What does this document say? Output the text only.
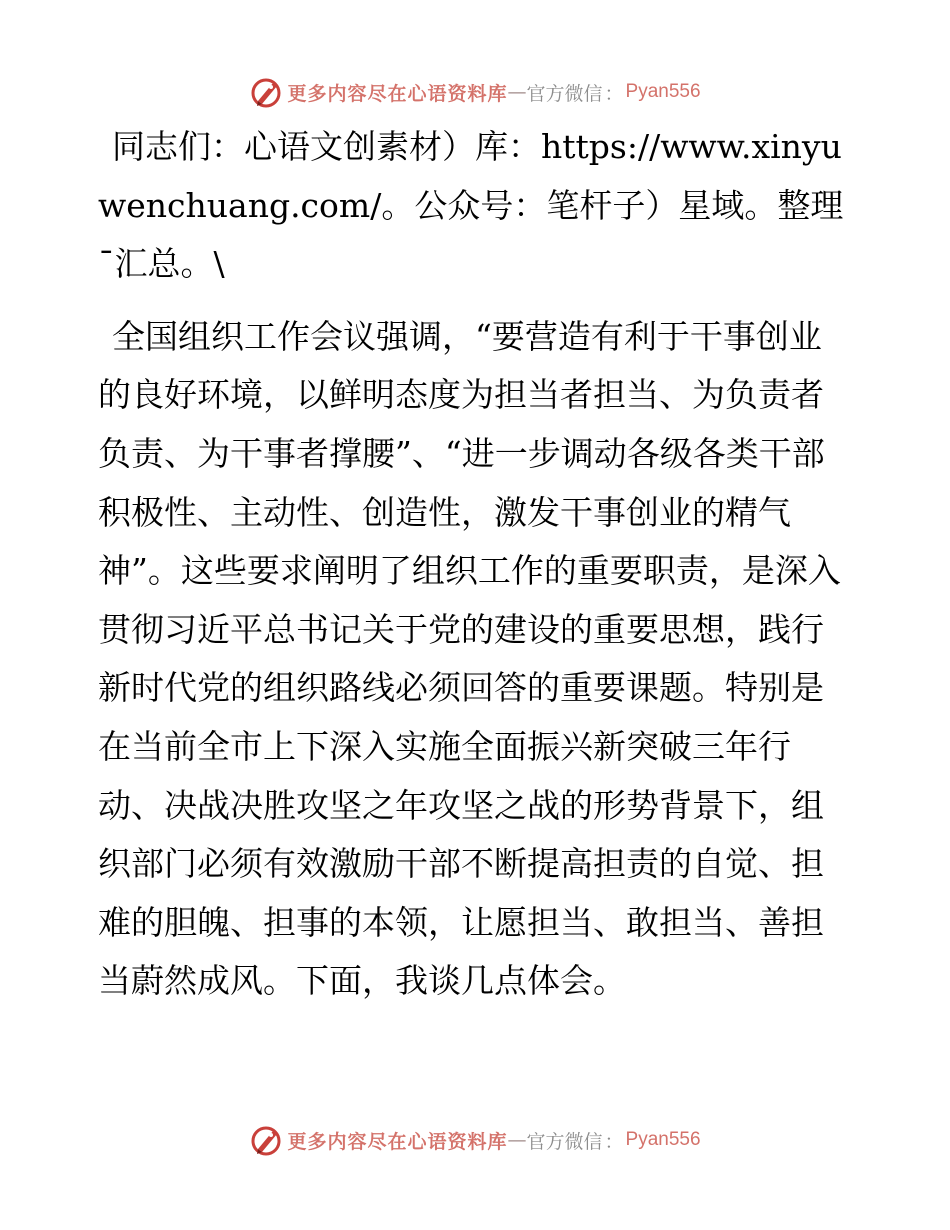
更多内容尽在心语资料库 — 官方微信 ： Pyan556

同志们：心语文创素材）库：https://www.xinyuwenchuang.com/。公众号：笔杆子）星域。整理¯汇总。\

全国组织工作会议强调，“要营造有利于干事创业的良好环境，以鲜明态度为担当者担当、为负责者负责、为干事者撑腰”、“进一步调动各级各类干部积极性、主动性、创造性，激发干事创业的精气神”。这些要求阐明了组织工作的重要职责，是深入贯彻习近平总书记关于党的建设的重要思想，践行新时代党的组织路线必须回答的重要课题。特别是在当前全市上下深入实施全面振兴新突破三年行动、决战决胜攻坚之年攻坚之战的形势背景下，组织部门必须有效激励干部不断提高担责的自觉、担难的胆魄、担事的本领，让愿担当、敢担当、善担当蔚然成风。下面，我谈几点体会。

更多内容尽在心语资料库 — 官方微信 ： Pyan556
